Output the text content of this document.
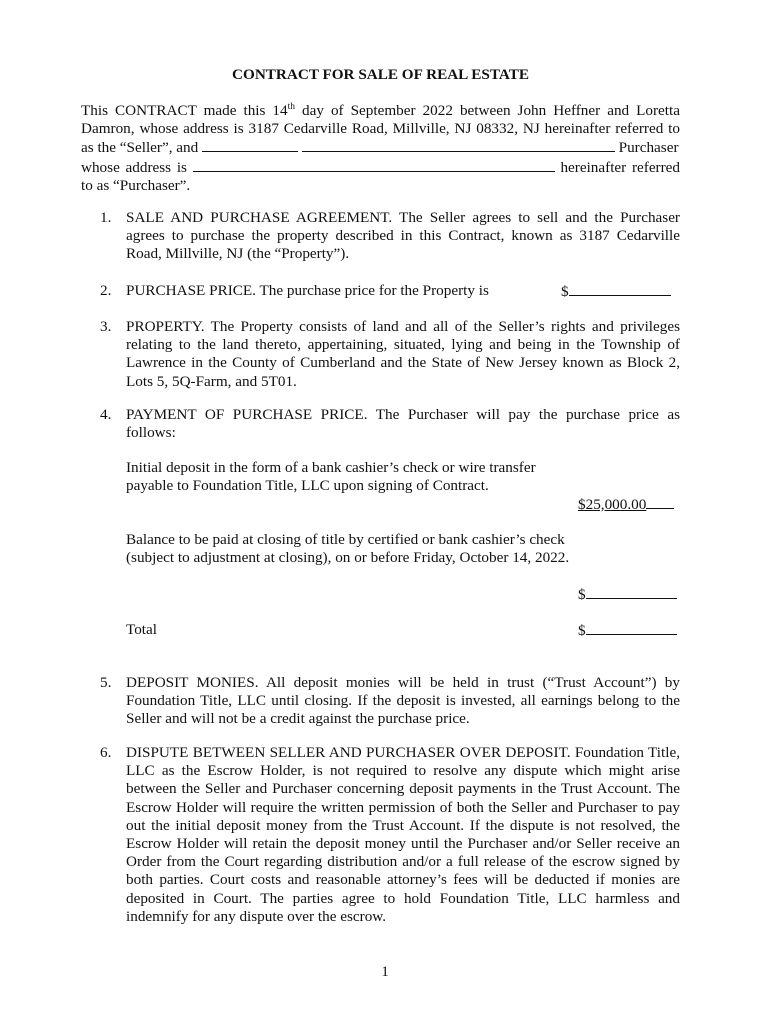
CONTRACT FOR SALE OF REAL ESTATE
This CONTRACT made this 14th day of September 2022 between John Heffner and Loretta Damron, whose address is 3187 Cedarville Road, Millville, NJ 08332, NJ hereinafter referred to as the “Seller”, and	Purchaser

whose address is	hereinafter referred
to as “Purchaser”.
1. SALE AND PURCHASE AGREEMENT. The Seller agrees to sell and the Purchaser agrees to purchase the property described in this Contract, known as 3187 Cedarville Road, Millville, NJ (the “Property”).
2. PURCHASE PRICE. The purchase price for the Property is	$
3. PROPERTY. The Property consists of land and all of the Seller’s rights and privileges relating to the land thereto, appertaining, situated, lying and being in the Township of Lawrence in the County of Cumberland and the State of New Jersey known as Block 2, Lots 5, 5Q-Farm, and 5T01.
4. PAYMENT OF PURCHASE PRICE. The Purchaser will pay the purchase price as follows:
Initial deposit in the form of a bank cashier’s check or wire transfer payable to Foundation Title, LLC upon signing of Contract.
$25,000.00
Balance to be paid at closing of title by certified or bank cashier’s check (subject to adjustment at closing), on or before Friday, October 14, 2022.
$
Total	$
5. DEPOSIT MONIES. All deposit monies will be held in trust (“Trust Account”) by Foundation Title, LLC until closing. If the deposit is invested, all earnings belong to the Seller and will not be a credit against the purchase price.
6. DISPUTE BETWEEN SELLER AND PURCHASER OVER DEPOSIT. Foundation Title, LLC as the Escrow Holder, is not required to resolve any dispute which might arise between the Seller and Purchaser concerning deposit payments in the Trust Account. The Escrow Holder will require the written permission of both the Seller and Purchaser to pay out the initial deposit money from the Trust Account. If the dispute is not resolved, the Escrow Holder will retain the deposit money until the Purchaser and/or Seller receive an Order from the Court regarding distribution and/or a full release of the escrow signed by both parties. Court costs and reasonable attorney’s fees will be deducted if monies are deposited in Court. The parties agree to hold Foundation Title, LLC harmless and indemnify for any dispute over the escrow.
1
